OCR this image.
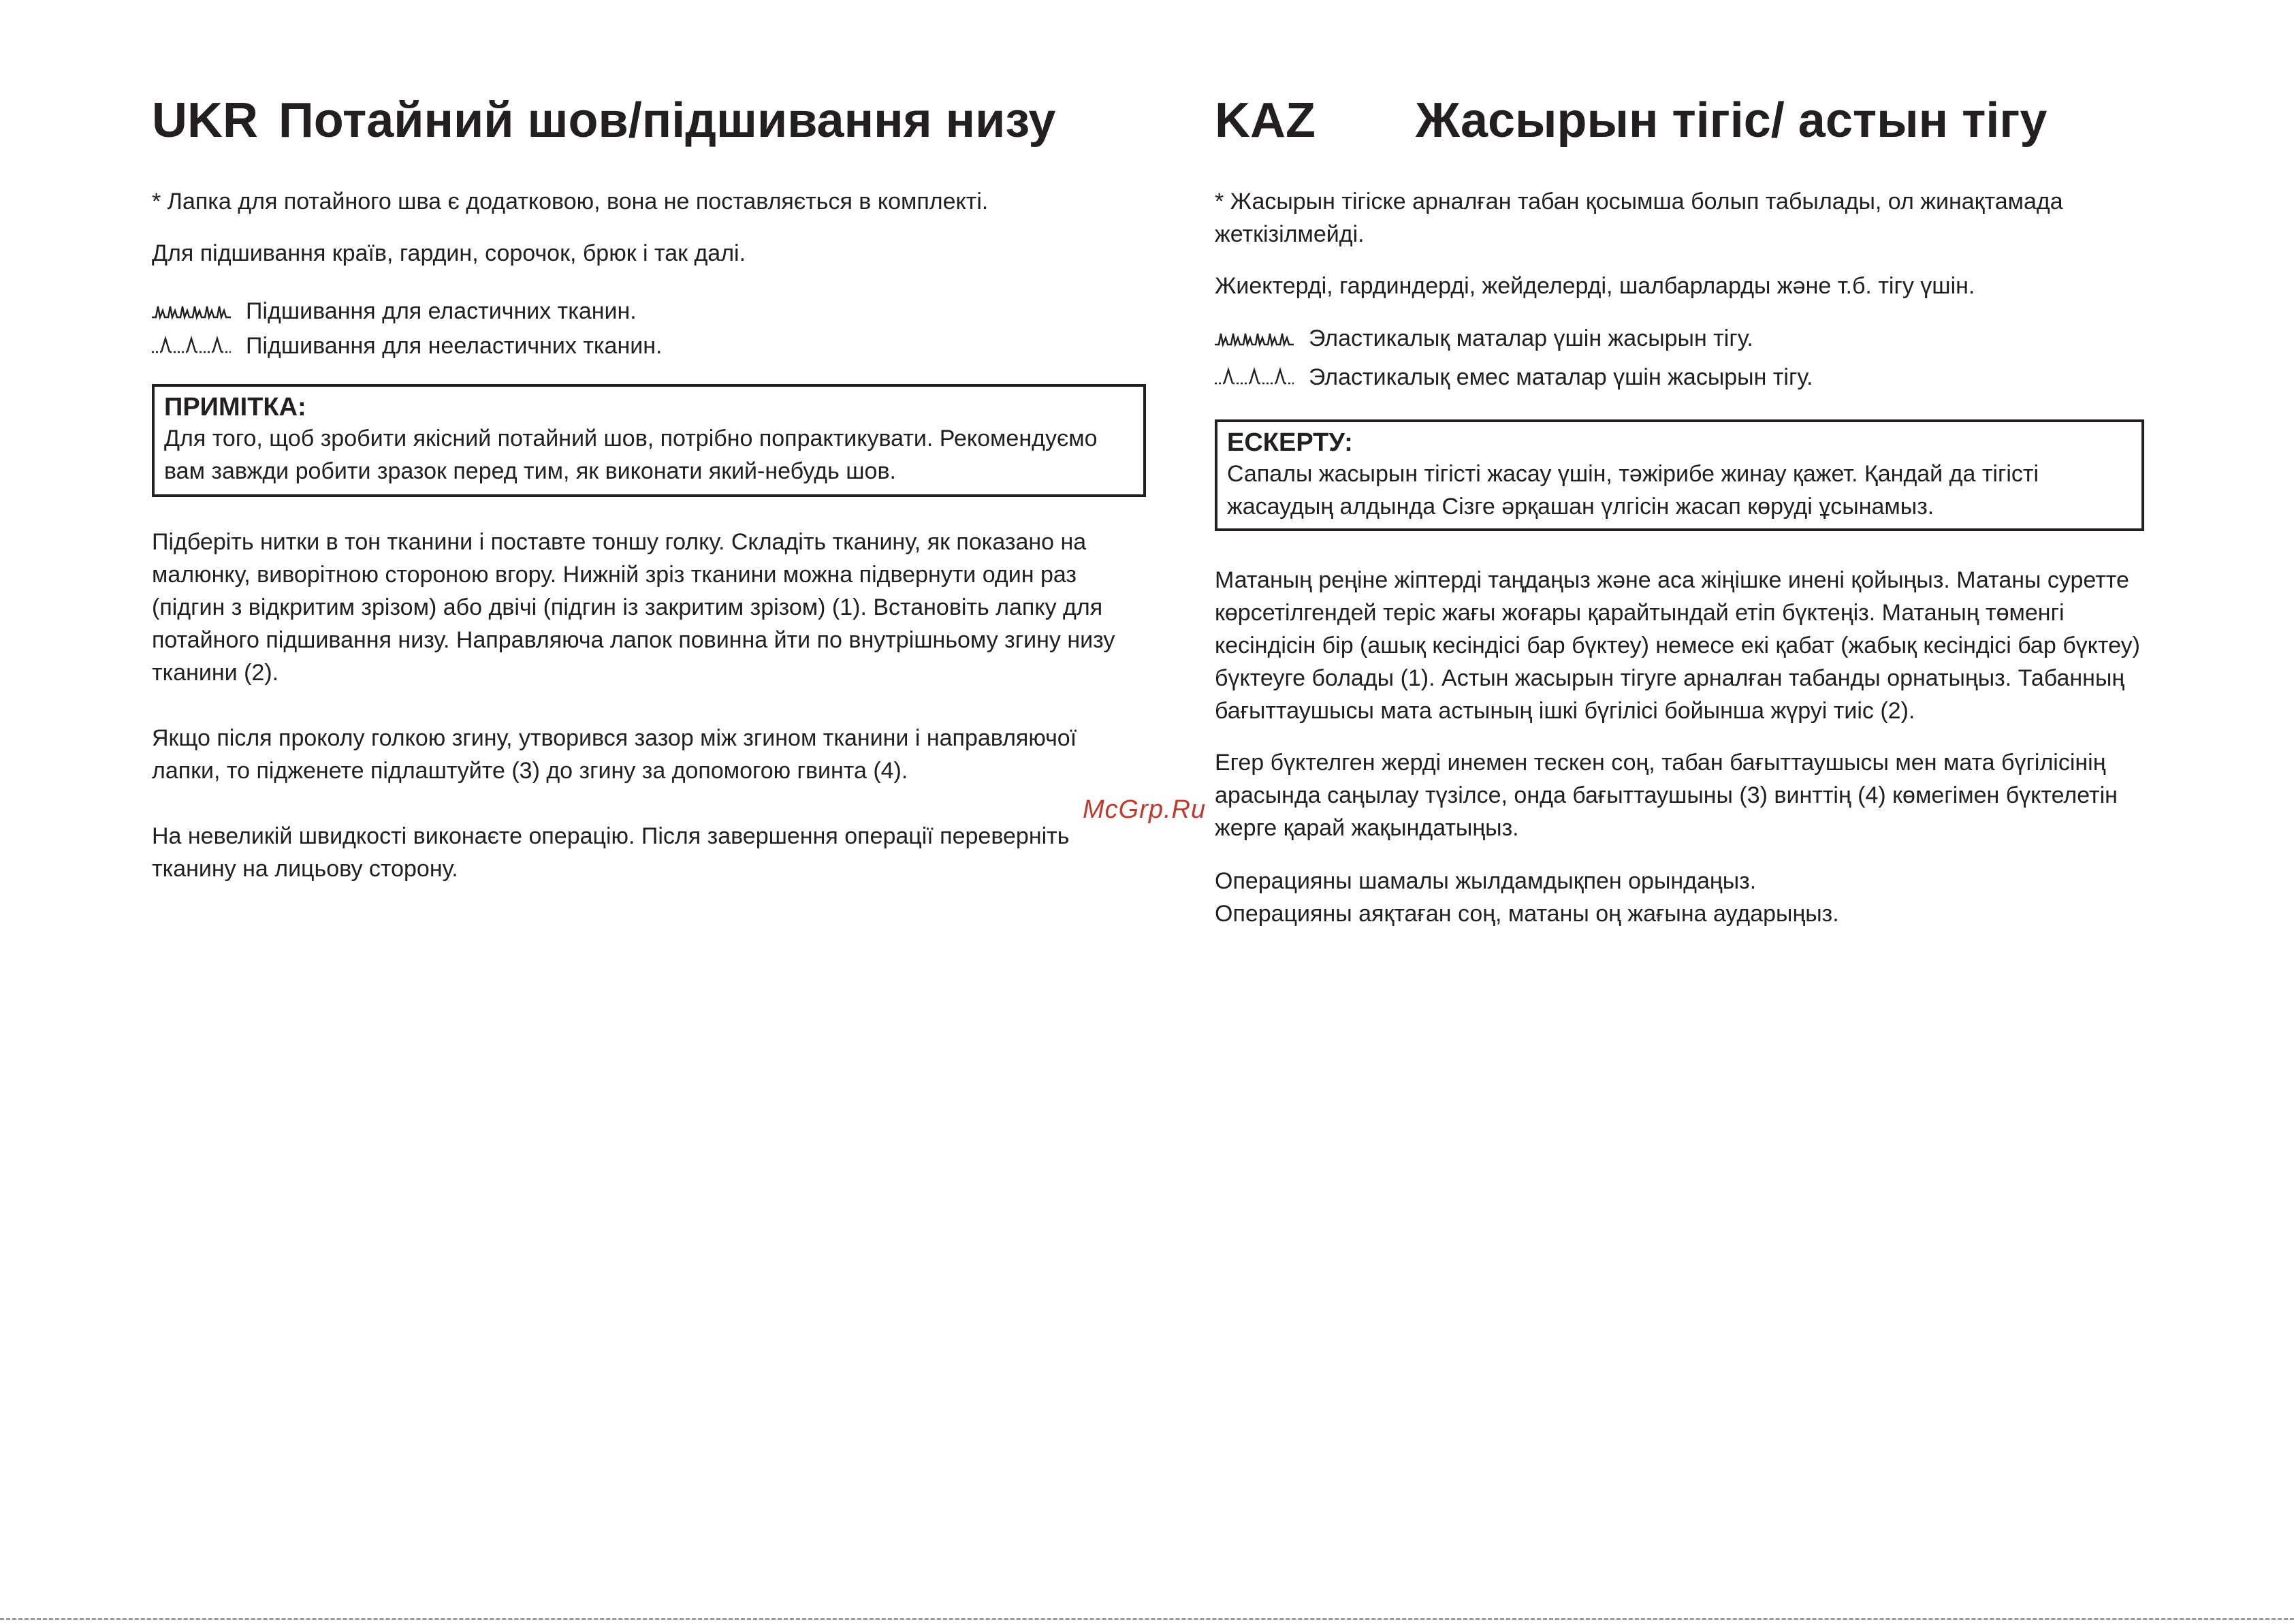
UKR Потайний шов/підшивання низу
* Лапка для потайного шва є додатковою, вона не поставляється в комплекті.
Для підшивання країв, гардин, сорочок, брюк і так далі.
Підшивання для еластичних тканин.
Підшивання для нееластичних тканин.
ПРИМІТКА:
Для того, щоб зробити якісний потайний шов, потрібно попрактикувати. Рекомендуємо вам завжди робити зразок перед тим, як виконати який-небудь шов.
Підберіть нитки в тон тканини і поставте тоншу голку. Складіть тканину, як показано на малюнку, виворітною стороною вгору. Нижній зріз тканини можна підвернути один раз (підгин з відкритим зрізом) або двічі (підгин із закритим зрізом) (1). Встановіть лапку для потайного підшивання низу. Направляюча лапок повинна йти по внутрішньому згину низу тканини (2).
Якщо після проколу голкою згину, утворився зазор між згином тканини і направляючої лапки, то підженете підлаштуйте (3) до згину за допомогою гвинта (4).
На невеликій швидкості виконаєте операцію. Після завершення операції переверніть тканину на лицьову сторону.
KAZ Жасырын тігіс/ астын тігу
* Жасырын тігіске арналған табан қосымша болып табылады, ол жинақтамада жеткізілмейді.
Жиектерді, гардиндерді, жейделерді, шалбарларды және т.б. тігу үшін.
Эластикалық маталар үшін жасырын тігу.
Эластикалық емес маталар үшін жасырын тігу.
ЕСКЕРТУ:
Сапалы жасырын тігісті жасау үшін, тәжірибе жинау қажет. Қандай да тігісті жасаудың алдында Сізге әрқашан үлгісін жасап көруді ұсынамыз.
Матаның реңіне жіптерді таңдаңыз және аса жіңішке инені қойыңыз. Матаны суретте көрсетілгендей теріс жағы жоғары қарайтындай етіп бүктеңіз. Матаның төменгі кесіндісін бір (ашық кесіндісі бар бүктеу) немесе екі қабат (жабық кесіндісі бар бүктеу) бүктеуге болады (1). Астын жасырын тігуге арналған табанды орнатыңыз. Табанның бағыттаушысы мата астының ішкі бүгілісі бойынша жүруі тиіс (2).
Егер бүктелген жерді инемен тескен соң, табан бағыттаушысы мен мата бүгілісінің арасында саңылау түзілсе, онда бағыттаушыны (3) винттің (4) көмегімен бүктелетін жерге қарай жақындатыңыз.
Операцияны шамалы жылдамдықпен орындаңыз.
Операцияны аяқтаған соң, матаны оң жағына аударыңыз.
McGrp.Ru
